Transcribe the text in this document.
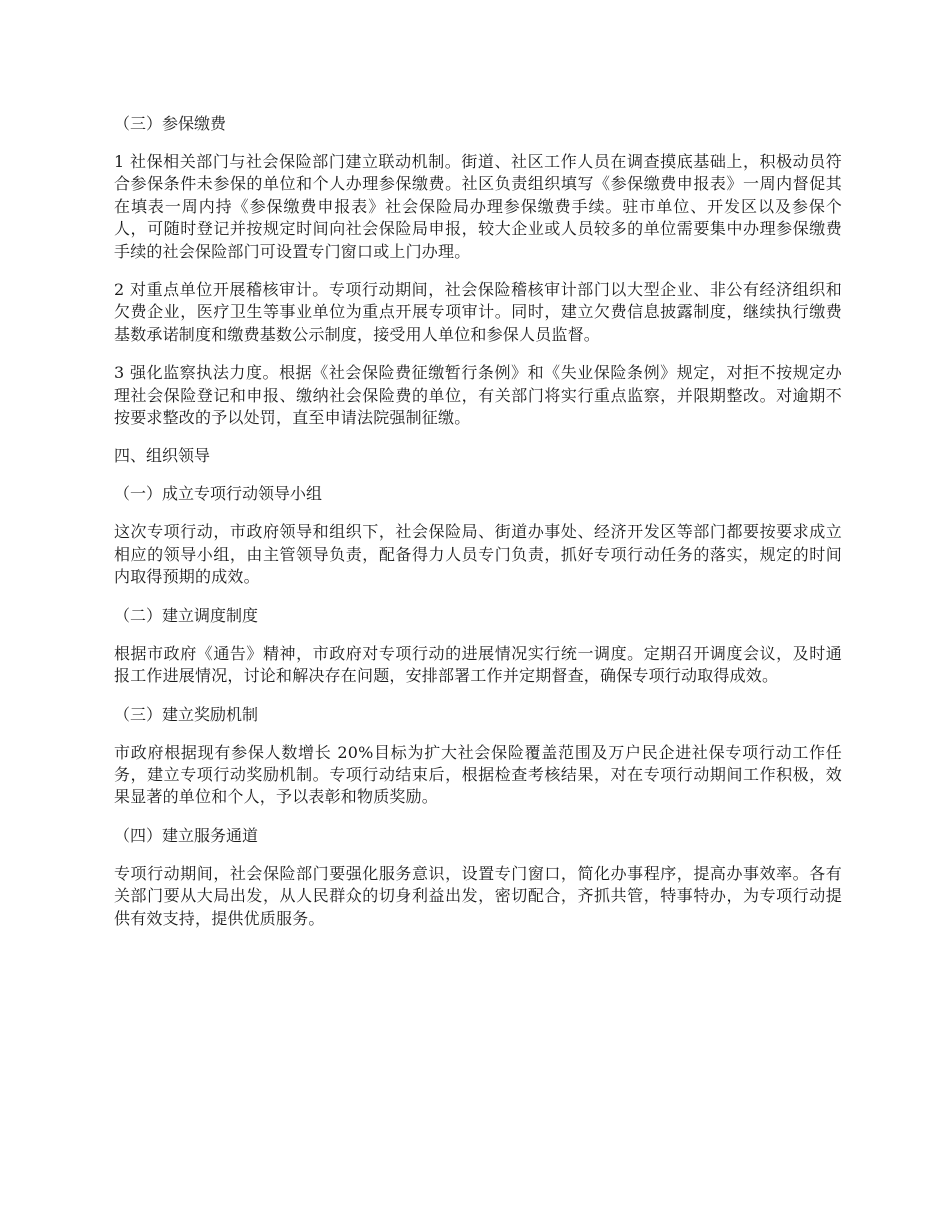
（三）参保缴费
1 社保相关部门与社会保险部门建立联动机制。街道、社区工作人员在调查摸底基础上，积极动员符合参保条件未参保的单位和个人办理参保缴费。社区负责组织填写《参保缴费申报表》一周内督促其在填表一周内持《参保缴费申报表》社会保险局办理参保缴费手续。驻市单位、开发区以及参保个人，可随时登记并按规定时间向社会保险局申报，较大企业或人员较多的单位需要集中办理参保缴费手续的社会保险部门可设置专门窗口或上门办理。
2 对重点单位开展稽核审计。专项行动期间，社会保险稽核审计部门以大型企业、非公有经济组织和欠费企业，医疗卫生等事业单位为重点开展专项审计。同时，建立欠费信息披露制度，继续执行缴费基数承诺制度和缴费基数公示制度，接受用人单位和参保人员监督。
3 强化监察执法力度。根据《社会保险费征缴暂行条例》和《失业保险条例》规定，对拒不按规定办理社会保险登记和申报、缴纳社会保险费的单位，有关部门将实行重点监察，并限期整改。对逾期不按要求整改的予以处罚，直至申请法院强制征缴。
四、组织领导
（一）成立专项行动领导小组
这次专项行动，市政府领导和组织下，社会保险局、街道办事处、经济开发区等部门都要按要求成立相应的领导小组，由主管领导负责，配备得力人员专门负责，抓好专项行动任务的落实，规定的时间内取得预期的成效。
（二）建立调度制度
根据市政府《通告》精神，市政府对专项行动的进展情况实行统一调度。定期召开调度会议，及时通报工作进展情况，讨论和解决存在问题，安排部署工作并定期督查，确保专项行动取得成效。
（三）建立奖励机制
市政府根据现有参保人数增长 20%目标为扩大社会保险覆盖范围及万户民企进社保专项行动工作任务，建立专项行动奖励机制。专项行动结束后，根据检查考核结果，对在专项行动期间工作积极，效果显著的单位和个人，予以表彰和物质奖励。
（四）建立服务通道
专项行动期间，社会保险部门要强化服务意识，设置专门窗口，简化办事程序，提高办事效率。各有关部门要从大局出发，从人民群众的切身利益出发，密切配合，齐抓共管，特事特办，为专项行动提供有效支持，提供优质服务。
